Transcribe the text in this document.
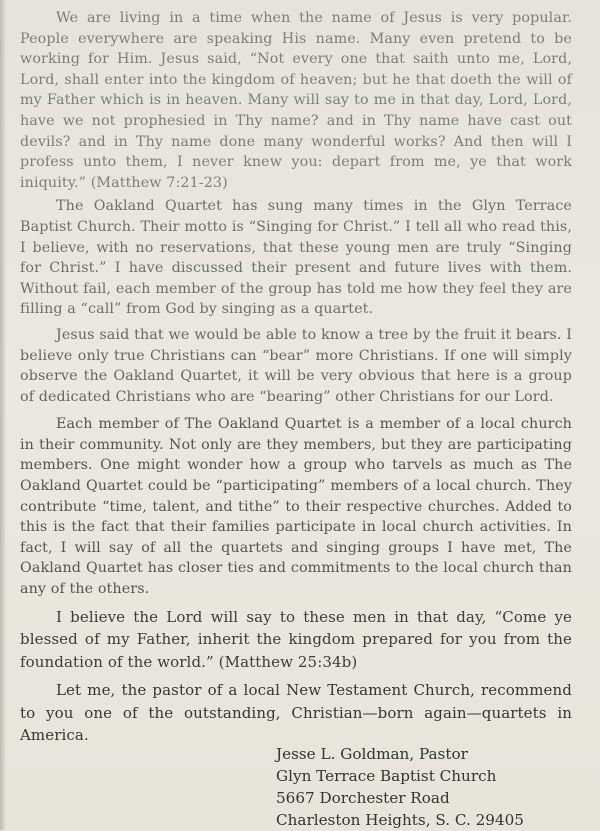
We are living in a time when the name of Jesus is very popular. People everywhere are speaking His name. Many even pretend to be working for Him. Jesus said, “Not every one that saith unto me, Lord, Lord, shall enter into the kingdom of heaven; but he that doeth the will of my Father which is in heaven. Many will say to me in that day, Lord, Lord, have we not prophesied in Thy name? and in Thy name have cast out devils? and in Thy name done many wonderful works? And then will I profess unto them, I never knew you: depart from me, ye that work iniquity.” (Matthew 7:21-23)

The Oakland Quartet has sung many times in the Glyn Terrace Baptist Church. Their motto is “Singing for Christ.” I tell all who read this, I believe, with no reservations, that these young men are truly “Singing for Christ.” I have discussed their present and future lives with them. Without fail, each member of the group has told me how they feel they are filling a “call” from God by singing as a quartet.

Jesus said that we would be able to know a tree by the fruit it bears. I believe only true Christians can “bear” more Christians. If one will simply observe the Oakland Quartet, it will be very obvious that here is a group of dedicated Christians who are “bearing” other Christians for our Lord.

Each member of The Oakland Quartet is a member of a local church in their community. Not only are they members, but they are participating members. One might wonder how a group who tarvels as much as The Oakland Quartet could be “participating” members of a local church. They contribute “time, talent, and tithe” to their respective churches. Added to this is the fact that their families participate in local church activities. In fact, I will say of all the quartets and singing groups I have met, The Oakland Quartet has closer ties and commitments to the local church than any of the others.

I believe the Lord will say to these men in that day, “Come ye blessed of my Father, inherit the kingdom prepared for you from the foundation of the world.” (Matthew 25:34b)

Let me, the pastor of a local New Testament Church, recommend to you one of the outstanding, Christian—born again—quartets in America.

Jesse L. Goldman, Pastor
Glyn Terrace Baptist Church
5667 Dorchester Road
Charleston Heights, S. C. 29405
